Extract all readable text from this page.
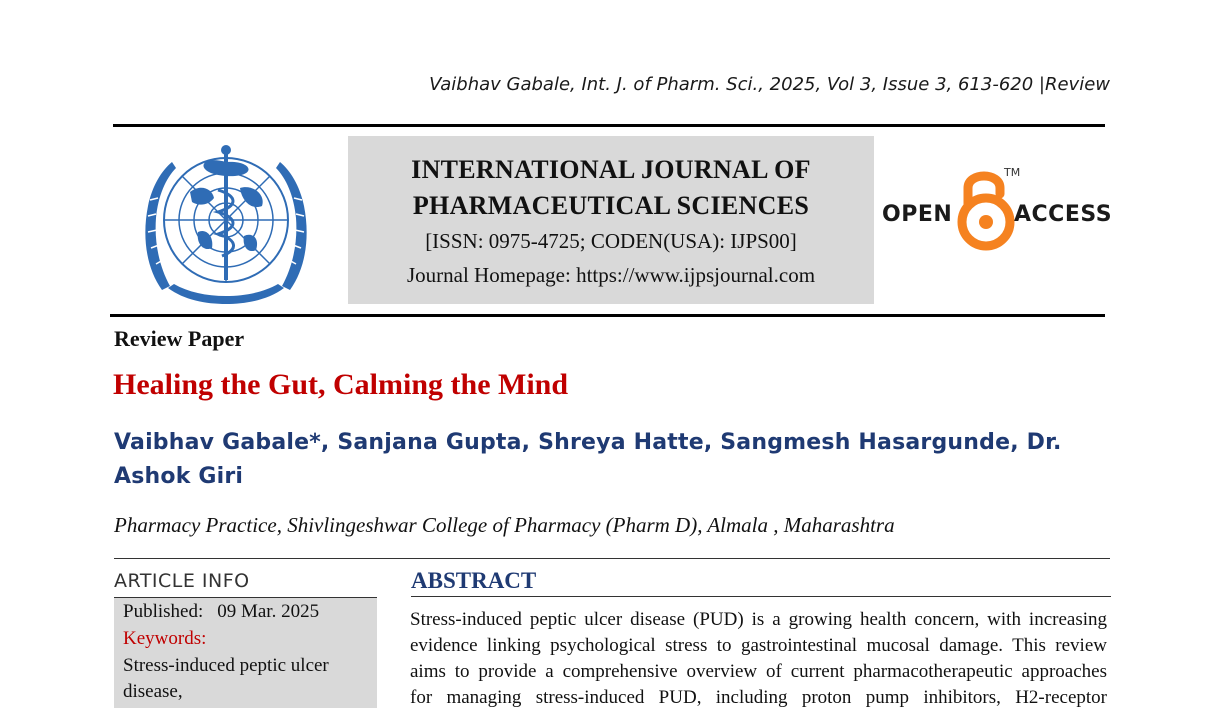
Vaibhav Gabale, Int. J. of Pharm. Sci., 2025, Vol 3, Issue 3, 613-620 |Review
INTERNATIONAL JOURNAL OF
PHARMACEUTICAL SCIENCES
[ISSN: 0975-4725; CODEN(USA): IJPS00]
Journal Homepage: https://www.ijpsjournal.com
OPEN	ACCESS
TM
Review Paper
Healing the Gut, Calming the Mind
Vaibhav Gabale*, Sanjana Gupta, Shreya Hatte, Sangmesh Hasargunde, Dr. Ashok Giri
Pharmacy Practice, Shivlingeshwar College of Pharmacy (Pharm D), Almala , Maharashtra
ARTICLE INFO
Published: 09 Mar. 2025
Keywords:
Stress-induced peptic ulcer
disease,
ABSTRACT
Stress-induced peptic ulcer disease (PUD) is a growing health concern, with increasing
evidence linking psychological stress to gastrointestinal mucosal damage. This review
aims to provide a comprehensive overview of current pharmacotherapeutic approaches
for managing stress-induced PUD, including proton pump inhibitors, H2-receptor
